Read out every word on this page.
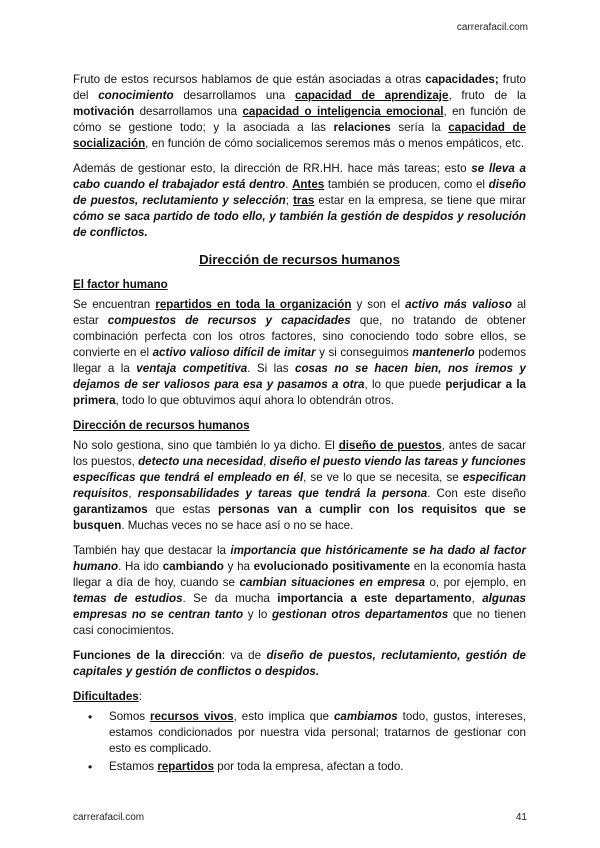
carrerafacil.com

Fruto de estos recursos hablamos de que están asociadas a otras capacidades; fruto del conocimiento desarrollamos una capacidad de aprendizaje, fruto de la motivación desarrollamos una capacidad o inteligencia emocional, en función de cómo se gestione todo; y la asociada a las relaciones sería la capacidad de socialización, en función de cómo socialicemos seremos más o menos empáticos, etc.

Además de gestionar esto, la dirección de RR.HH. hace más tareas; esto se lleva a cabo cuando el trabajador está dentro. Antes también se producen, como el diseño de puestos, reclutamiento y selección; tras estar en la empresa, se tiene que mirar cómo se saca partido de todo ello, y también la gestión de despidos y resolución de conflictos.

Dirección de recursos humanos
El factor humano

Se encuentran repartidos en toda la organización y son el activo más valioso al estar compuestos de recursos y capacidades que, no tratando de obtener combinación perfecta con los otros factores, sino conociendo todo sobre ellos, se convierte en el activo valioso difícil de imitar y si conseguimos mantenerlo podemos llegar a la ventaja competitiva. Si las cosas no se hacen bien, nos iremos y dejamos de ser valiosos para esa y pasamos a otra, lo que puede perjudicar a la primera, todo lo que obtuvimos aquí ahora lo obtendrán otros.

Dirección de recursos humanos

No solo gestiona, sino que también lo ya dicho. El diseño de puestos, antes de sacar los puestos, detecto una necesidad, diseño el puesto viendo las tareas y funciones específicas que tendrá el empleado en él, se ve lo que se necesita, se especifican requisitos, responsabilidades y tareas que tendrá la persona. Con este diseño garantizamos que estas personas van a cumplir con los requisitos que se busquen. Muchas veces no se hace así o no se hace.

También hay que destacar la importancia que históricamente se ha dado al factor humano. Ha ido cambiando y ha evolucionado positivamente en la economía hasta llegar a día de hoy, cuando se cambian situaciones en empresa o, por ejemplo, en temas de estudios. Se da mucha importancia a este departamento, algunas empresas no se centran tanto y lo gestionan otros departamentos que no tienen casi conocimientos.

Funciones de la dirección: va de diseño de puestos, reclutamiento, gestión de capitales y gestión de conflictos o despidos.

Dificultades:
• Somos recursos vivos, esto implica que cambiamos todo, gustos, intereses, estamos condicionados por nuestra vida personal; tratarnos de gestionar con esto es complicado.
• Estamos repartidos por toda la empresa, afectan a todo.
carrerafacil.com	41
